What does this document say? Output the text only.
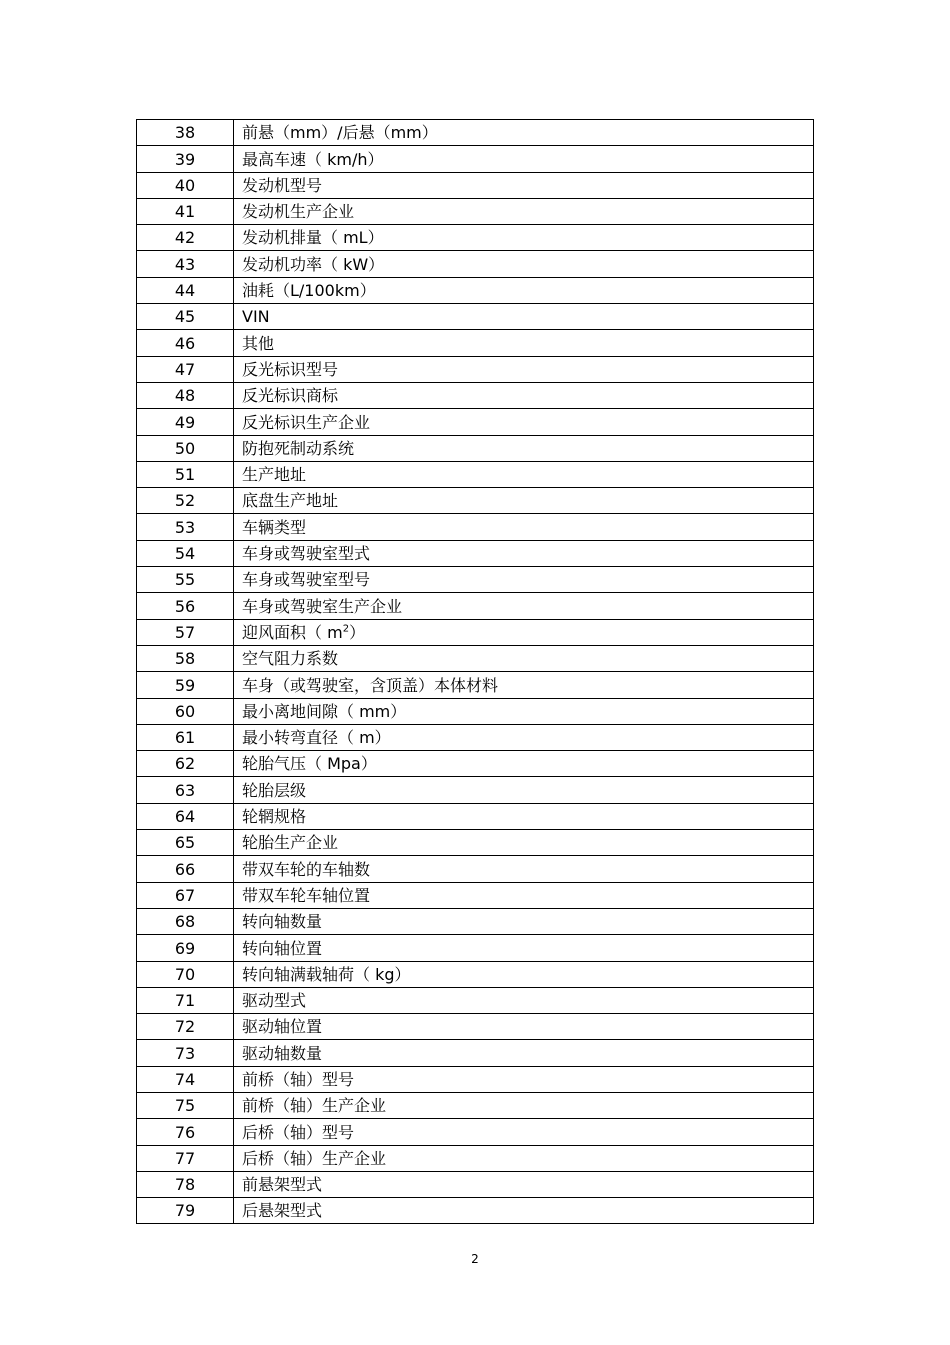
38	前悬（mm）/后悬（mm）
39	最高车速（ km/h）
40	发动机型号
41	发动机生产企业
42	发动机排量（ mL）
43	发动机功率（ kW）
44	油耗（L/100km）
45	VIN
46	其他
47	反光标识型号
48	反光标识商标
49	反光标识生产企业
50	防抱死制动系统
51	生产地址
52	底盘生产地址
53	车辆类型
54	车身或驾驶室型式
55	车身或驾驶室型号
56	车身或驾驶室生产企业
57	迎风面积（ $m^2$）
58	空气阻力系数
59	车身（或驾驶室，含顶盖）本体材料
60	最小离地间隙（ mm）
61	最小转弯直径（ m）
62	轮胎气压（ Mpa）
63	轮胎层级
64	轮辋规格
65	轮胎生产企业
66	带双车轮的车轴数
67	带双车轮车轴位置
68	转向轴数量
69	转向轴位置
70	转向轴满载轴荷（ kg）
71	驱动型式
72	驱动轴位置
73	驱动轴数量
74	前桥（轴）型号
75	前桥（轴）生产企业
76	后桥（轴）型号
77	后桥（轴）生产企业
78	前悬架型式
79	后悬架型式
2
